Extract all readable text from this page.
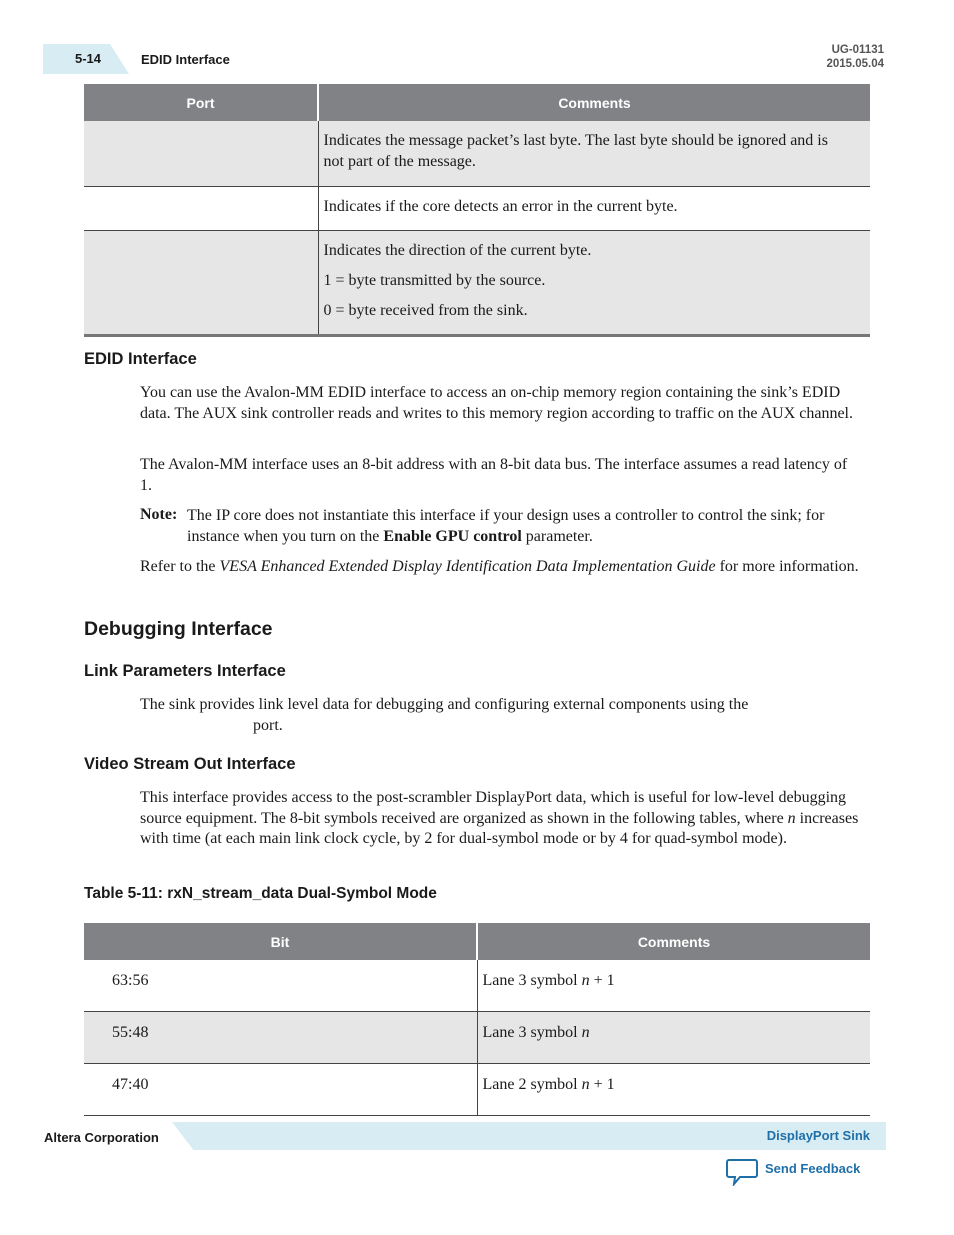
5-14	EDID Interface
UG-01131
2015.05.04
Port	Comments

	Indicates the message packet’s last byte. The last byte should be ignored and is not part of the message.

	Indicates if the core detects an error in the current byte.

	Indicates the direction of the current byte.
1 = byte transmitted by the source.
0 = byte received from the sink.
EDID Interface

You can use the Avalon-MM EDID interface to access an on-chip memory region containing the sink’s EDID data. The AUX sink controller reads and writes to this memory region according to traffic on the AUX channel.

The Avalon-MM interface uses an 8-bit address with an 8-bit data bus. The interface assumes a read latency of 1.

Note: The IP core does not instantiate this interface if your design uses a controller to control the sink; for instance when you turn on the Enable GPU control parameter.
Refer to the VESA Enhanced Extended Display Identification Data Implementation Guide for more information.
Debugging Interface
Link Parameters Interface
The sink provides link level data for debugging and configuring external components using the
port.
Video Stream Out Interface
This interface provides access to the post-scrambler DisplayPort data, which is useful for low-level debugging source equipment. The 8-bit symbols received are organized as shown in the following tables, where n increases with time (at each main link clock cycle, by 2 for dual-symbol mode or by 4 for quad-symbol mode).
Table 5-11: rxN_stream_data Dual-Symbol Mode
Bit	Comments
63:56	Lane 3 symbol n + 1
55:48	Lane 3 symbol n
47:40	Lane 2 symbol n + 1
Altera Corporation	DisplayPort Sink
Send Feedback
